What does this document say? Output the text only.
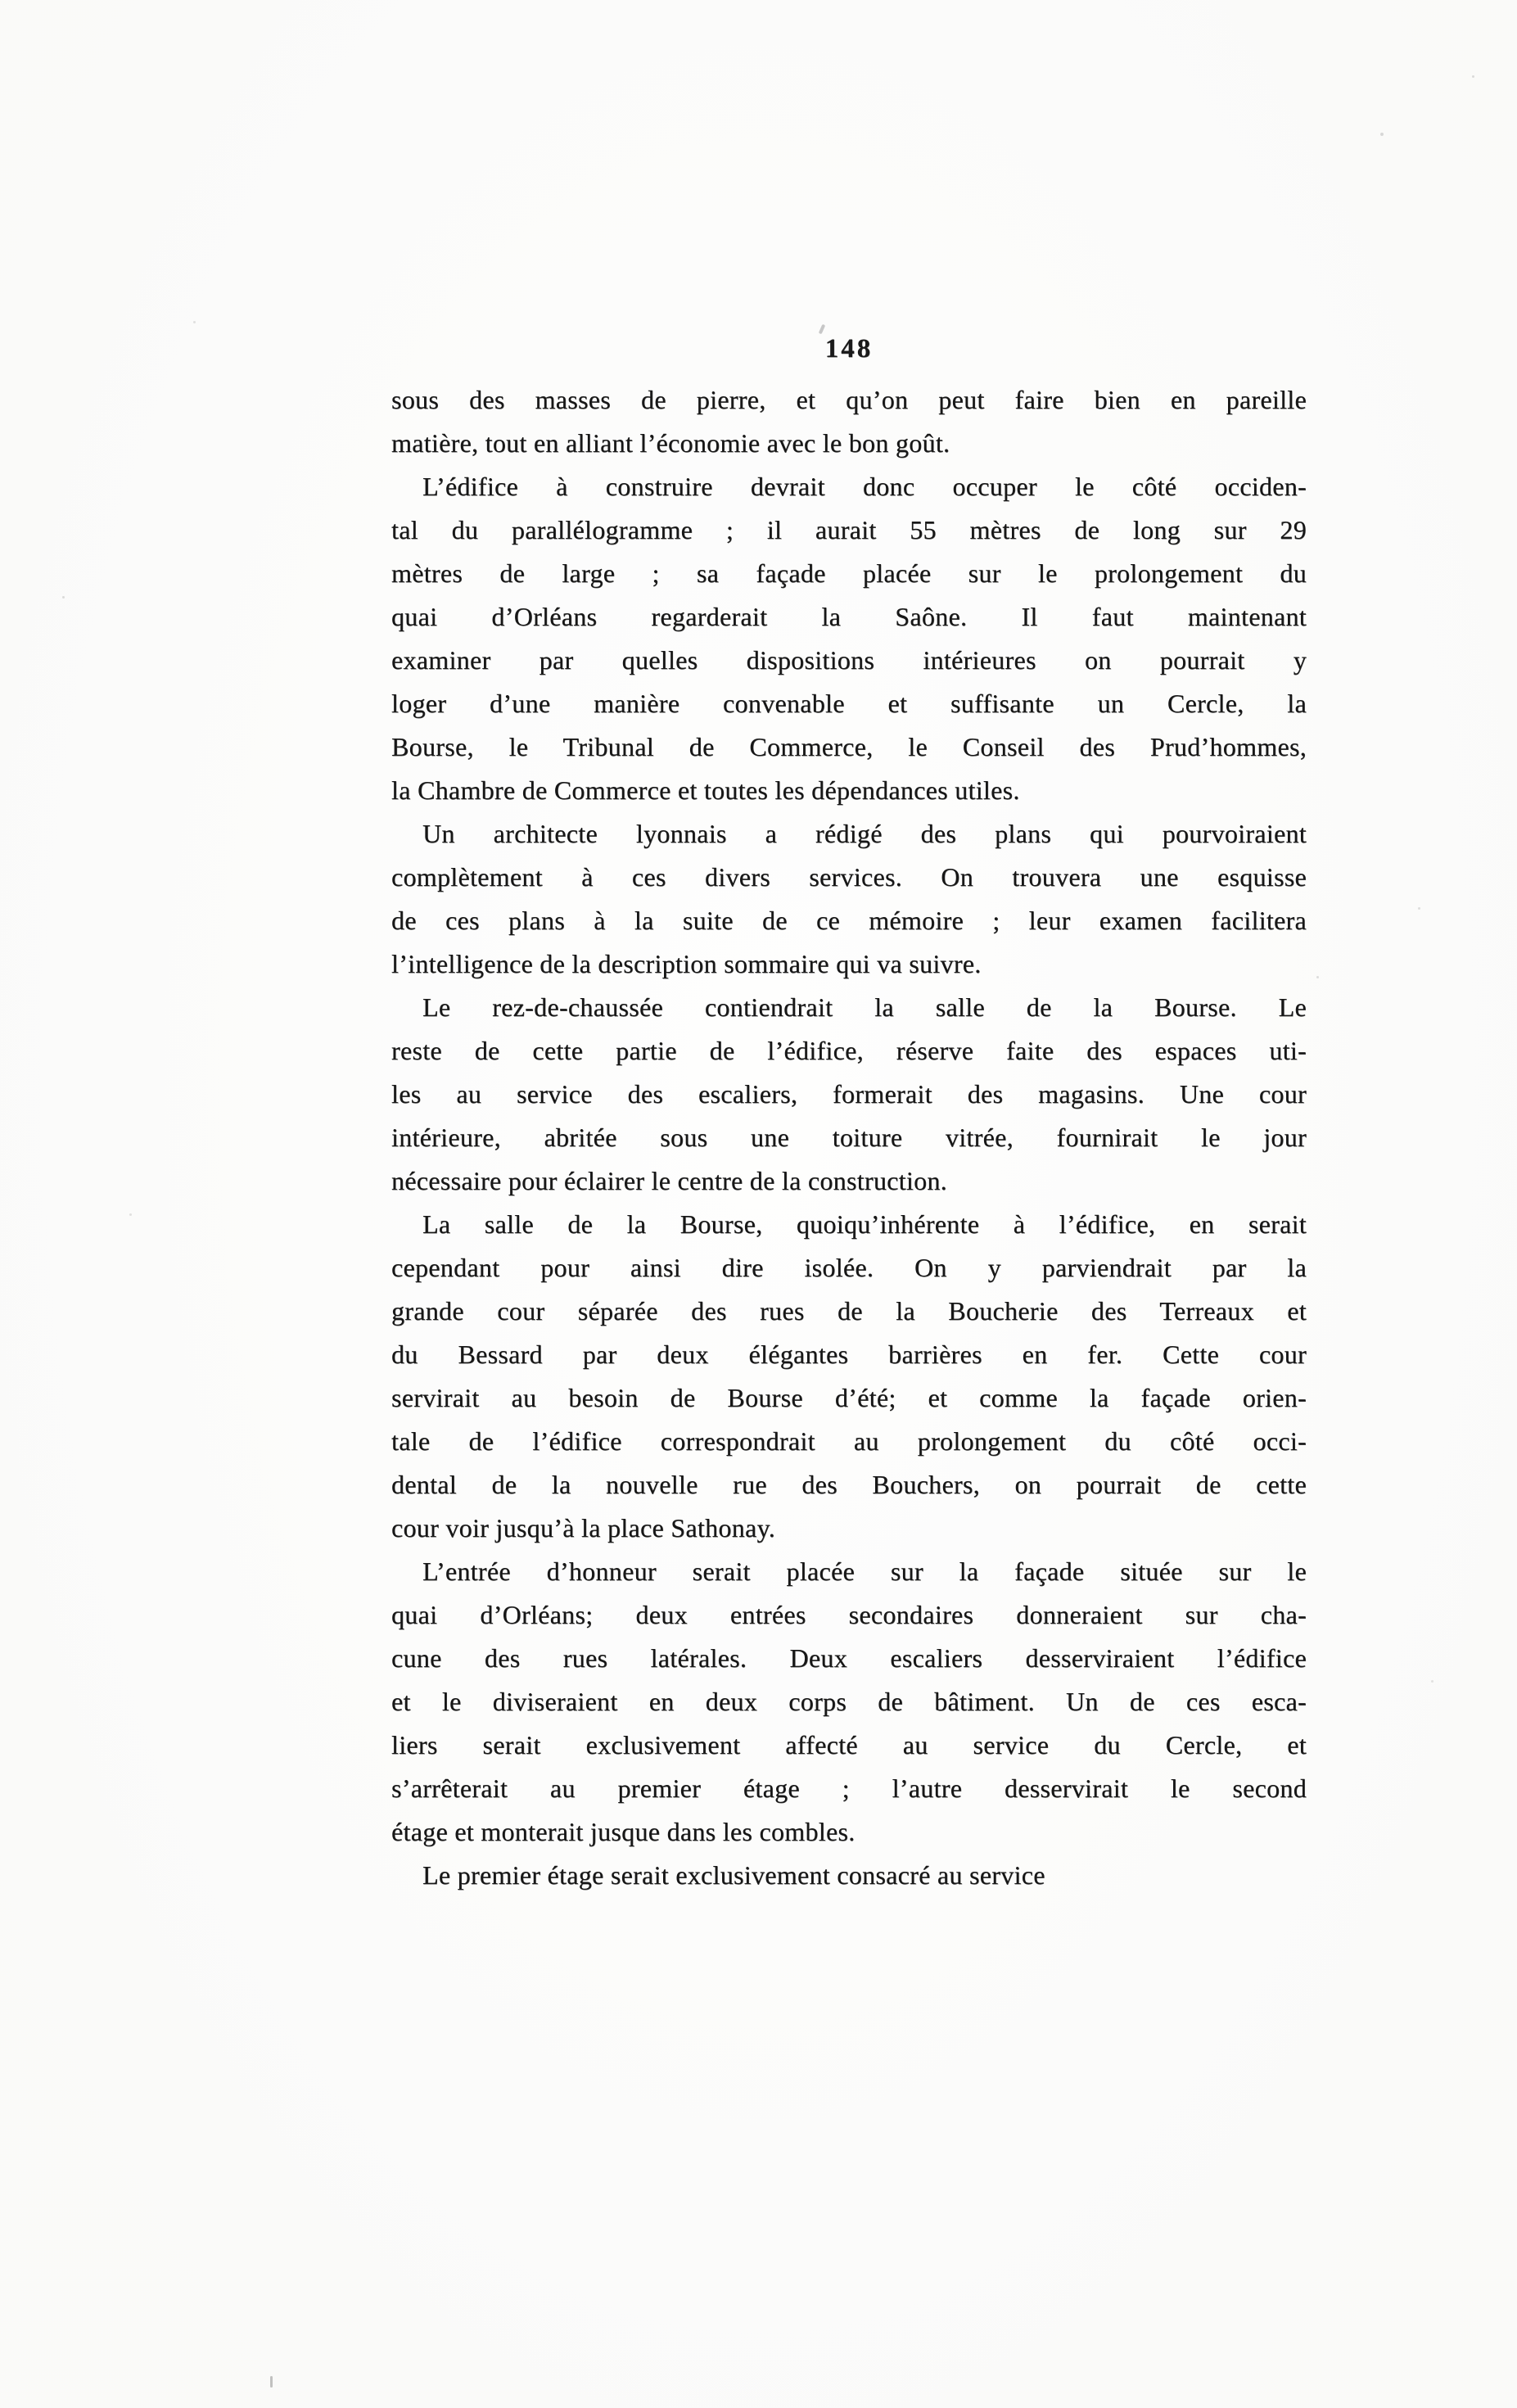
148
sous des masses de pierre, et qu’on peut faire bien en pareille
matière, tout en alliant l’économie avec le bon goût.
L’édifice à construire devrait donc occuper le côté occiden-
tal du parallélogramme ; il aurait 55 mètres de long sur 29
mètres de large ; sa façade placée sur le prolongement du
quai d’Orléans regarderait la Saône. Il faut maintenant
examiner par quelles dispositions intérieures on pourrait y
loger d’une manière convenable et suffisante un Cercle, la
Bourse, le Tribunal de Commerce, le Conseil des Prud’hommes,
la Chambre de Commerce et toutes les dépendances utiles.
Un architecte lyonnais a rédigé des plans qui pourvoiraient
complètement à ces divers services. On trouvera une esquisse
de ces plans à la suite de ce mémoire ; leur examen facilitera
l’intelligence de la description sommaire qui va suivre.
Le rez-de-chaussée contiendrait la salle de la Bourse. Le
reste de cette partie de l’édifice, réserve faite des espaces uti-
les au service des escaliers, formerait des magasins. Une cour
intérieure, abritée sous une toiture vitrée, fournirait le jour
nécessaire pour éclairer le centre de la construction.
La salle de la Bourse, quoiqu’inhérente à l’édifice, en serait
cependant pour ainsi dire isolée. On y parviendrait par la
grande cour séparée des rues de la Boucherie des Terreaux et
du Bessard par deux élégantes barrières en fer. Cette cour
servirait au besoin de Bourse d’été; et comme la façade orien-
tale de l’édifice correspondrait au prolongement du côté occi-
dental de la nouvelle rue des Bouchers, on pourrait de cette
cour voir jusqu’à la place Sathonay.
L’entrée d’honneur serait placée sur la façade située sur le
quai d’Orléans; deux entrées secondaires donneraient sur cha-
cune des rues latérales. Deux escaliers desserviraient l’édifice
et le diviseraient en deux corps de bâtiment. Un de ces esca-
liers serait exclusivement affecté au service du Cercle, et
s’arrêterait au premier étage ; l’autre desservirait le second
étage et monterait jusque dans les combles.
Le premier étage serait exclusivement consacré au service
